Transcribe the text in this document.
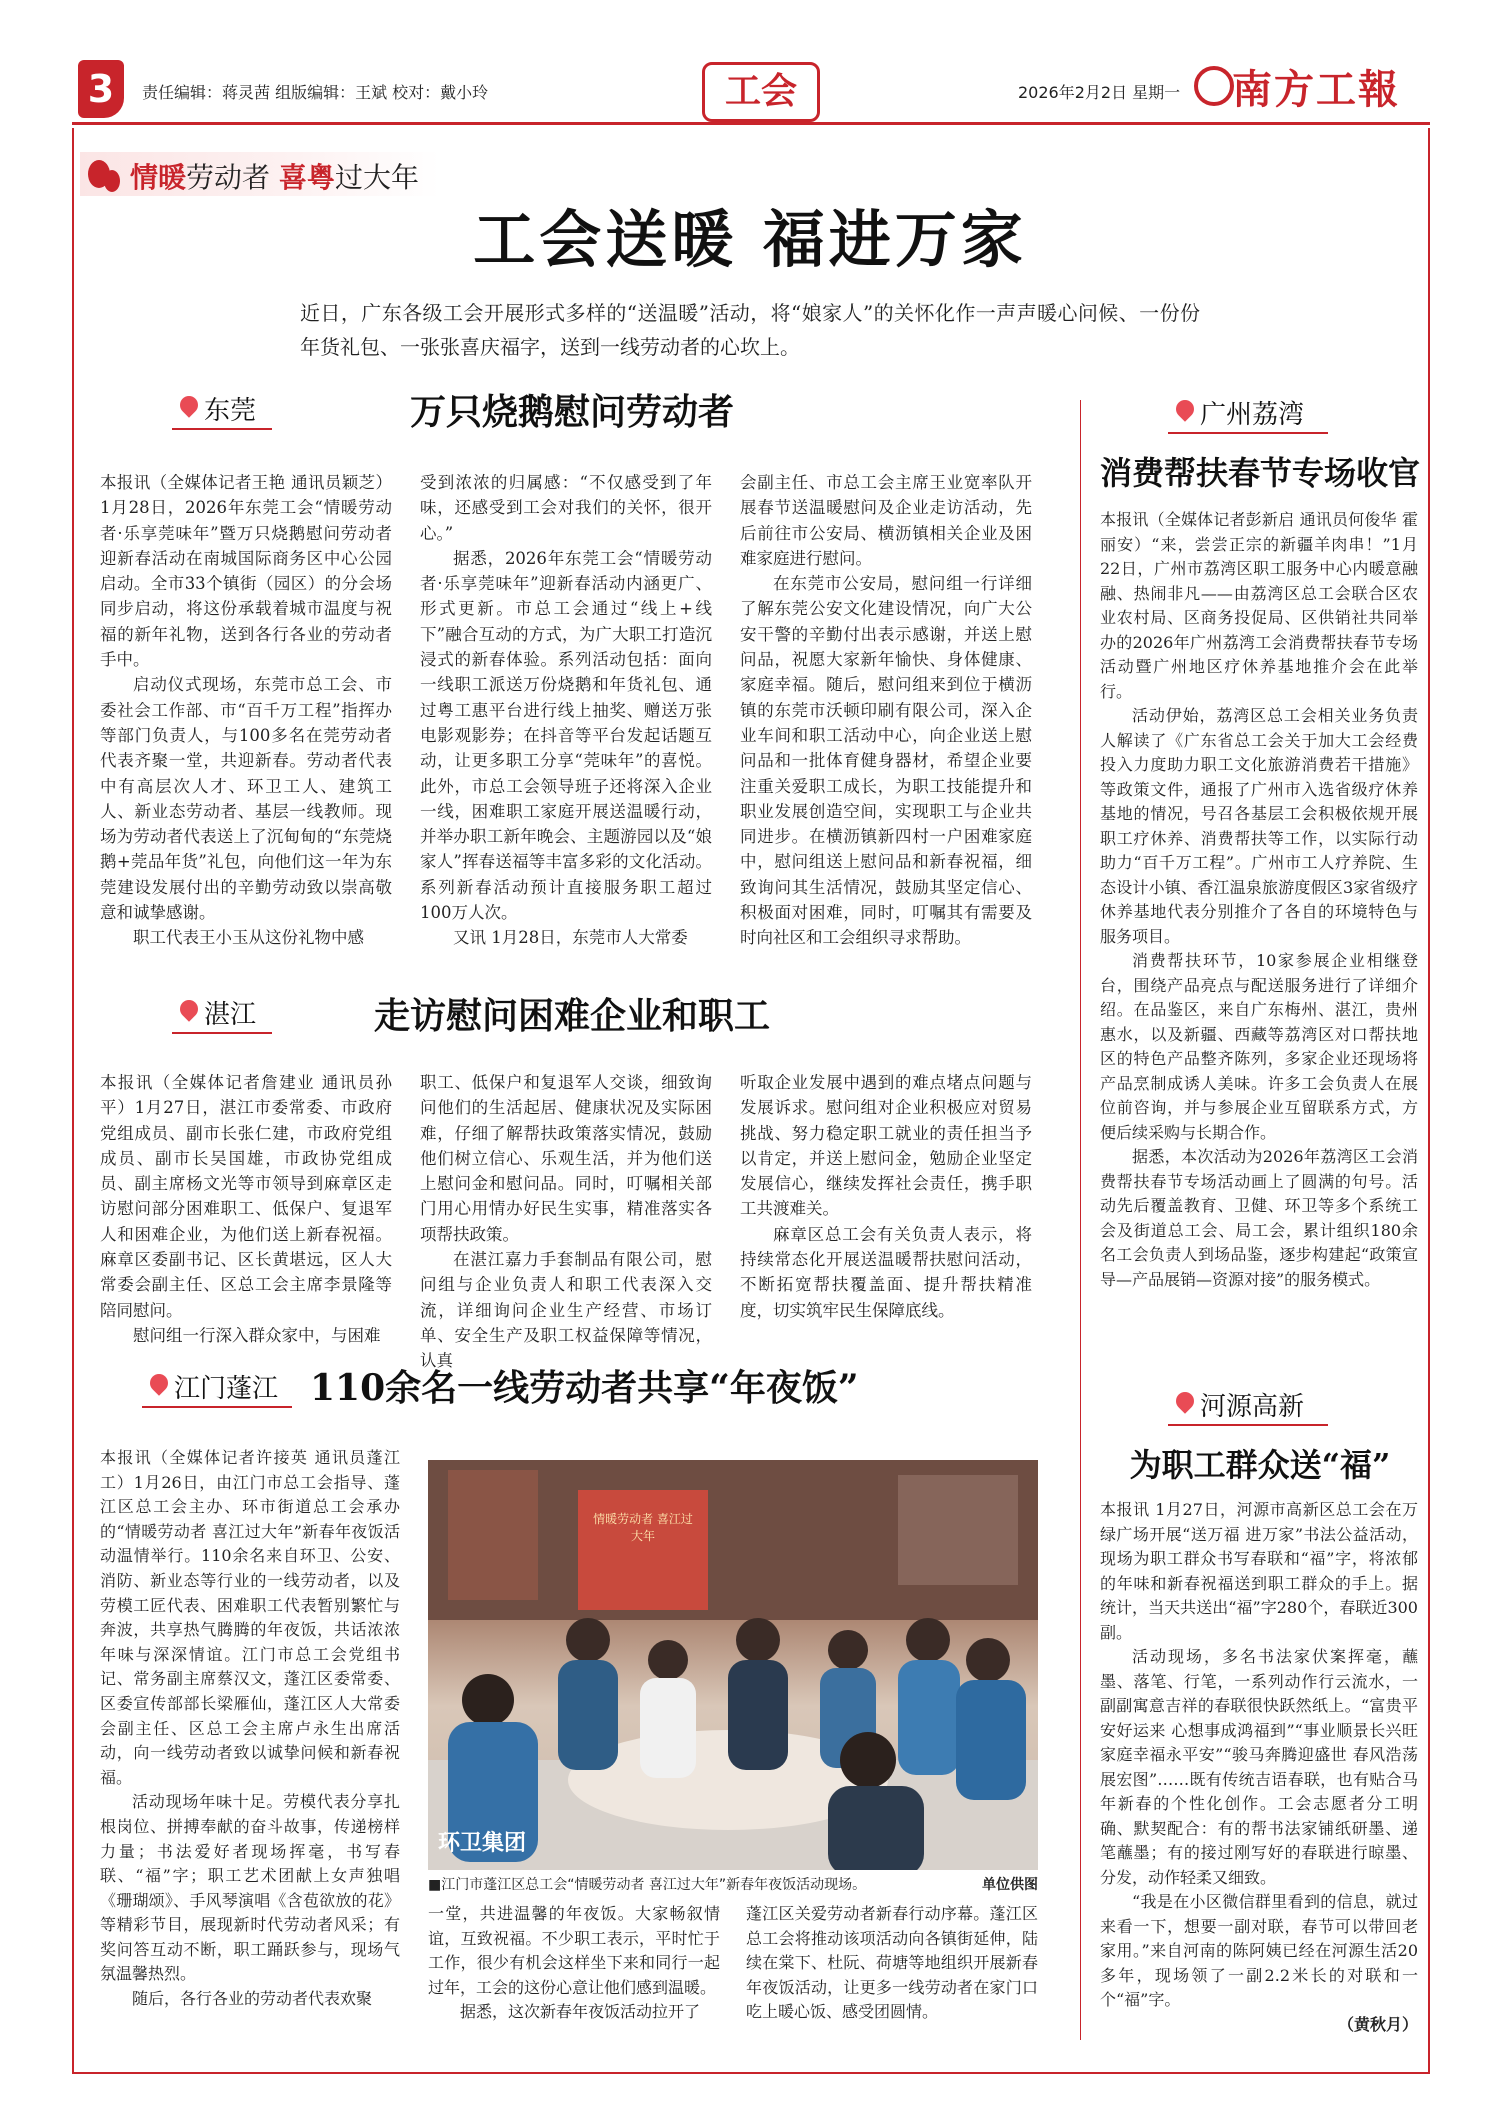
3	责任编辑：蒋灵茜 组版编辑：王斌 校对：戴小玲	工会	2026年2月2日 星期一 南方工報
情暖劳动者 喜粤过大年
工会送暖 福进万家
近日，广东各级工会开展形式多样的“送温暖”活动，将“娘家人”的关怀化作一声声暖心问候、一份份年货礼包、一张张喜庆福字，送到一线劳动者的心坎上。
东莞	万只烧鹅慰问劳动者

本报讯（全媒体记者王艳 通讯员颖芝）1月28日，2026年东莞工会“情暖劳动者·乐享莞味年”暨万只烧鹅慰问劳动者迎新春活动在南城国际商务区中心公园启动。全市33个镇街（园区）的分会场同步启动，将这份承载着城市温度与祝福的新年礼物，送到各行各业的劳动者手中。

启动仪式现场，东莞市总工会、市委社会工作部、市“百千万工程”指挥办等部门负责人，与100多名在莞劳动者代表齐聚一堂，共迎新春。劳动者代表中有高层次人才、环卫工人、建筑工人、新业态劳动者、基层一线教师。现场为劳动者代表送上了沉甸甸的“东莞烧鹅+莞品年货”礼包，向他们这一年为东莞建设发展付出的辛勤劳动致以崇高敬意和诚挚感谢。

职工代表王小玉从这份礼物中感

受到浓浓的归属感：“不仅感受到了年味，还感受到工会对我们的关怀，很开心。”

据悉，2026年东莞工会“情暖劳动者·乐享莞味年”迎新春活动内涵更广、形式更新。市总工会通过“线上+线下”融合互动的方式，为广大职工打造沉浸式的新春体验。系列活动包括：面向一线职工派送万份烧鹅和年货礼包、通过粤工惠平台进行线上抽奖、赠送万张电影观影券；在抖音等平台发起话题互动，让更多职工分享“莞味年”的喜悦。此外，市总工会领导班子还将深入企业一线，困难职工家庭开展送温暖行动，并举办职工新年晚会、主题游园以及“娘家人”挥春送福等丰富多彩的文化活动。系列新春活动预计直接服务职工超过100万人次。

又讯 1月28日，东莞市人大常委

会副主任、市总工会主席王业宽率队开展春节送温暖慰问及企业走访活动，先后前往市公安局、横沥镇相关企业及困难家庭进行慰问。

在东莞市公安局，慰问组一行详细了解东莞公安文化建设情况，向广大公安干警的辛勤付出表示感谢，并送上慰问品，祝愿大家新年愉快、身体健康、家庭幸福。随后，慰问组来到位于横沥镇的东莞市沃顿印刷有限公司，深入企业车间和职工活动中心，向企业送上慰问品和一批体育健身器材，希望企业要注重关爱职工成长，为职工技能提升和职业发展创造空间，实现职工与企业共同进步。在横沥镇新四村一户困难家庭中，慰问组送上慰问品和新春祝福，细致询问其生活情况，鼓励其坚定信心、积极面对困难，同时，叮嘱其有需要及时向社区和工会组织寻求帮助。

湛江	走访慰问困难企业和职工

本报讯（全媒体记者詹建业 通讯员孙平）1月27日，湛江市委常委、市政府党组成员、副市长张仁建，市政府党组成员、副市长吴国雄，市政协党组成员、副主席杨文光等市领导到麻章区走访慰问部分困难职工、低保户、复退军人和困难企业，为他们送上新春祝福。麻章区委副书记、区长黄堪远，区人大常委会副主任、区总工会主席李景隆等陪同慰问。

慰问组一行深入群众家中，与困难

职工、低保户和复退军人交谈，细致询问他们的生活起居、健康状况及实际困难，仔细了解帮扶政策落实情况，鼓励他们树立信心、乐观生活，并为他们送上慰问金和慰问品。同时，叮嘱相关部门用心用情办好民生实事，精准落实各项帮扶政策。

在湛江嘉力手套制品有限公司，慰问组与企业负责人和职工代表深入交流，详细询问企业生产经营、市场订单、安全生产及职工权益保障等情况，认真

听取企业发展中遇到的难点堵点问题与发展诉求。慰问组对企业积极应对贸易挑战、努力稳定职工就业的责任担当予以肯定，并送上慰问金，勉励企业坚定发展信心，继续发挥社会责任，携手职工共渡难关。

麻章区总工会有关负责人表示，将持续常态化开展送温暖帮扶慰问活动，不断拓宽帮扶覆盖面、提升帮扶精准度，切实筑牢民生保障底线。

江门蓬江 110余名一线劳动者共享“年夜饭”

本报讯（全媒体记者许接英 通讯员蓬江工）1月26日，由江门市总工会指导、蓬江区总工会主办、环市街道总工会承办的“情暖劳动者 喜江过大年”新春年夜饭活动温情举行。110余名来自环卫、公安、消防、新业态等行业的一线劳动者，以及劳模工匠代表、困难职工代表暂别繁忙与奔波，共享热气腾腾的年夜饭，共话浓浓年味与深深情谊。江门市总工会党组书记、常务副主席蔡汉文，蓬江区委常委、区委宣传部部长梁雁仙，蓬江区人大常委会副主任、区总工会主席卢永生出席活动，向一线劳动者致以诚挚问候和新春祝福。

活动现场年味十足。劳模代表分享扎根岗位、拼搏奉献的奋斗故事，传递榜样力量；书法爱好者现场挥毫，书写春联、“福”字；职工艺术团献上女声独唱《珊瑚颂》、手风琴演唱《含苞欲放的花》等精彩节目，展现新时代劳动者风采；有奖问答互动不断，职工踊跃参与，现场气氛温馨热烈。

随后，各行各业的劳动者代表欢聚

环卫集团
情暖劳动者 喜江过大年
■江门市蓬江区总工会“情暖劳动者 喜江过大年”新春年夜饭活动现场。	单位供图

一堂，共进温馨的年夜饭。大家畅叙情谊，互致祝福。不少职工表示，平时忙于工作，很少有机会这样坐下来和同行一起过年，工会的这份心意让他们感到温暖。

据悉，这次新春年夜饭活动拉开了

蓬江区关爱劳动者新春行动序幕。蓬江区总工会将推动该项活动向各镇街延伸，陆续在棠下、杜阮、荷塘等地组织开展新春年夜饭活动，让更多一线劳动者在家门口吃上暖心饭、感受团圆情。

广州荔湾
消费帮扶春节专场收官

本报讯（全媒体记者彭新启 通讯员何俊华 霍丽安）“来，尝尝正宗的新疆羊肉串！”1月22日，广州市荔湾区职工服务中心内暖意融融、热闹非凡——由荔湾区总工会联合区农业农村局、区商务投促局、区供销社共同举办的2026年广州荔湾工会消费帮扶春节专场活动暨广州地区疗休养基地推介会在此举行。

活动伊始，荔湾区总工会相关业务负责人解读了《广东省总工会关于加大工会经费投入力度助力职工文化旅游消费若干措施》等政策文件，通报了广州市入选省级疗休养基地的情况，号召各基层工会积极依规开展职工疗休养、消费帮扶等工作，以实际行动助力“百千万工程”。广州市工人疗养院、生态设计小镇、香江温泉旅游度假区3家省级疗休养基地代表分别推介了各自的环境特色与服务项目。

消费帮扶环节，10家参展企业相继登台，围绕产品亮点与配送服务进行了详细介绍。在品鉴区，来自广东梅州、湛江，贵州惠水，以及新疆、西藏等荔湾区对口帮扶地区的特色产品整齐陈列，多家企业还现场将产品烹制成诱人美味。许多工会负责人在展位前咨询，并与参展企业互留联系方式，方便后续采购与长期合作。

据悉，本次活动为2026年荔湾区工会消费帮扶春节专场活动画上了圆满的句号。活动先后覆盖教育、卫健、环卫等多个系统工会及街道总工会、局工会，累计组织180余名工会负责人到场品鉴，逐步构建起“政策宣导—产品展销—资源对接”的服务模式。

河源高新
为职工群众送“福”

本报讯 1月27日，河源市高新区总工会在万绿广场开展“送万福 进万家”书法公益活动，现场为职工群众书写春联和“福”字，将浓郁的年味和新春祝福送到职工群众的手上。据统计，当天共送出“福”字280个，春联近300副。

活动现场，多名书法家伏案挥毫，蘸墨、落笔、行笔，一系列动作行云流水，一副副寓意吉祥的春联很快跃然纸上。“富贵平安好运来 心想事成鸿福到”“事业顺景长兴旺 家庭幸福永平安”“骏马奔腾迎盛世 春风浩荡展宏图”……既有传统吉语春联，也有贴合马年新春的个性化创作。工会志愿者分工明确、默契配合：有的帮书法家铺纸研墨、递笔蘸墨；有的接过刚写好的春联进行晾墨、分发，动作轻柔又细致。

“我是在小区微信群里看到的信息，就过来看一下，想要一副对联，春节可以带回老家用。”来自河南的陈阿姨已经在河源生活20多年，现场领了一副2.2米长的对联和一个“福”字。

（黄秋月）
